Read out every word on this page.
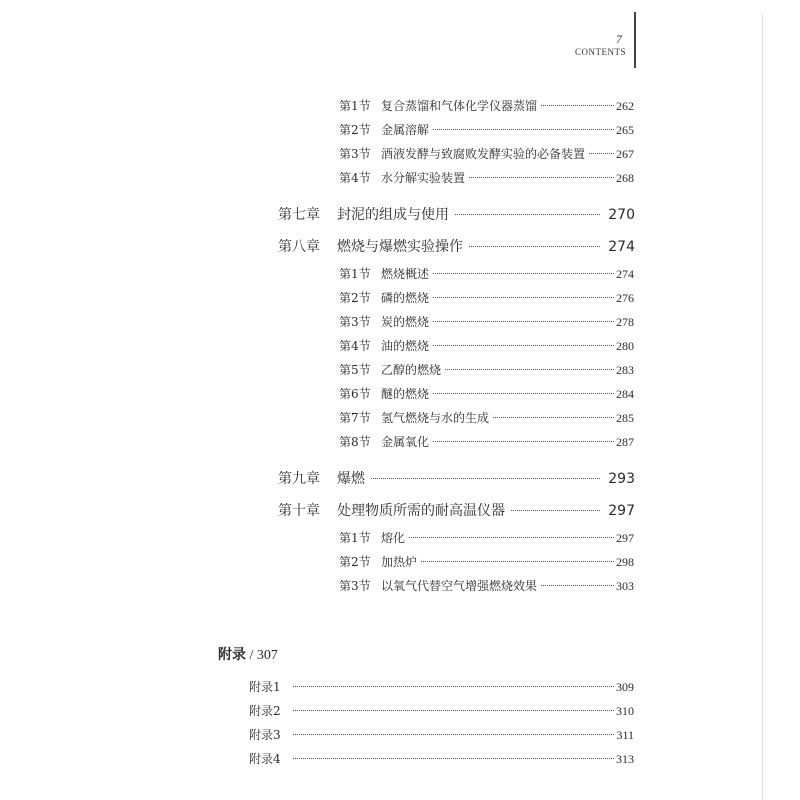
7
CONTENTS
第1节 复合蒸馏和气体化学仪器蒸馏	262
第2节 金属溶解	265
第3节 酒液发酵与致腐败发酵实验的必备装置	267
第4节 水分解实验装置	268
第七章	封泥的组成与使用	270
第八章	燃烧与爆燃实验操作	274
第1节 燃烧概述	274
第2节 磷的燃烧	276
第3节 炭的燃烧	278
第4节 油的燃烧	280
第5节 乙醇的燃烧	283
第6节 醚的燃烧	284
第7节 氢气燃烧与水的生成	285
第8节 金属氧化	287
第九章	爆燃	293
第十章	处理物质所需的耐高温仪器	297
第1节 熔化	297
第2节 加热炉	298
第3节 以氧气代替空气增强燃烧效果	303
附录 / 307
附录1	309
附录2	310
附录3	311
附录4	313
